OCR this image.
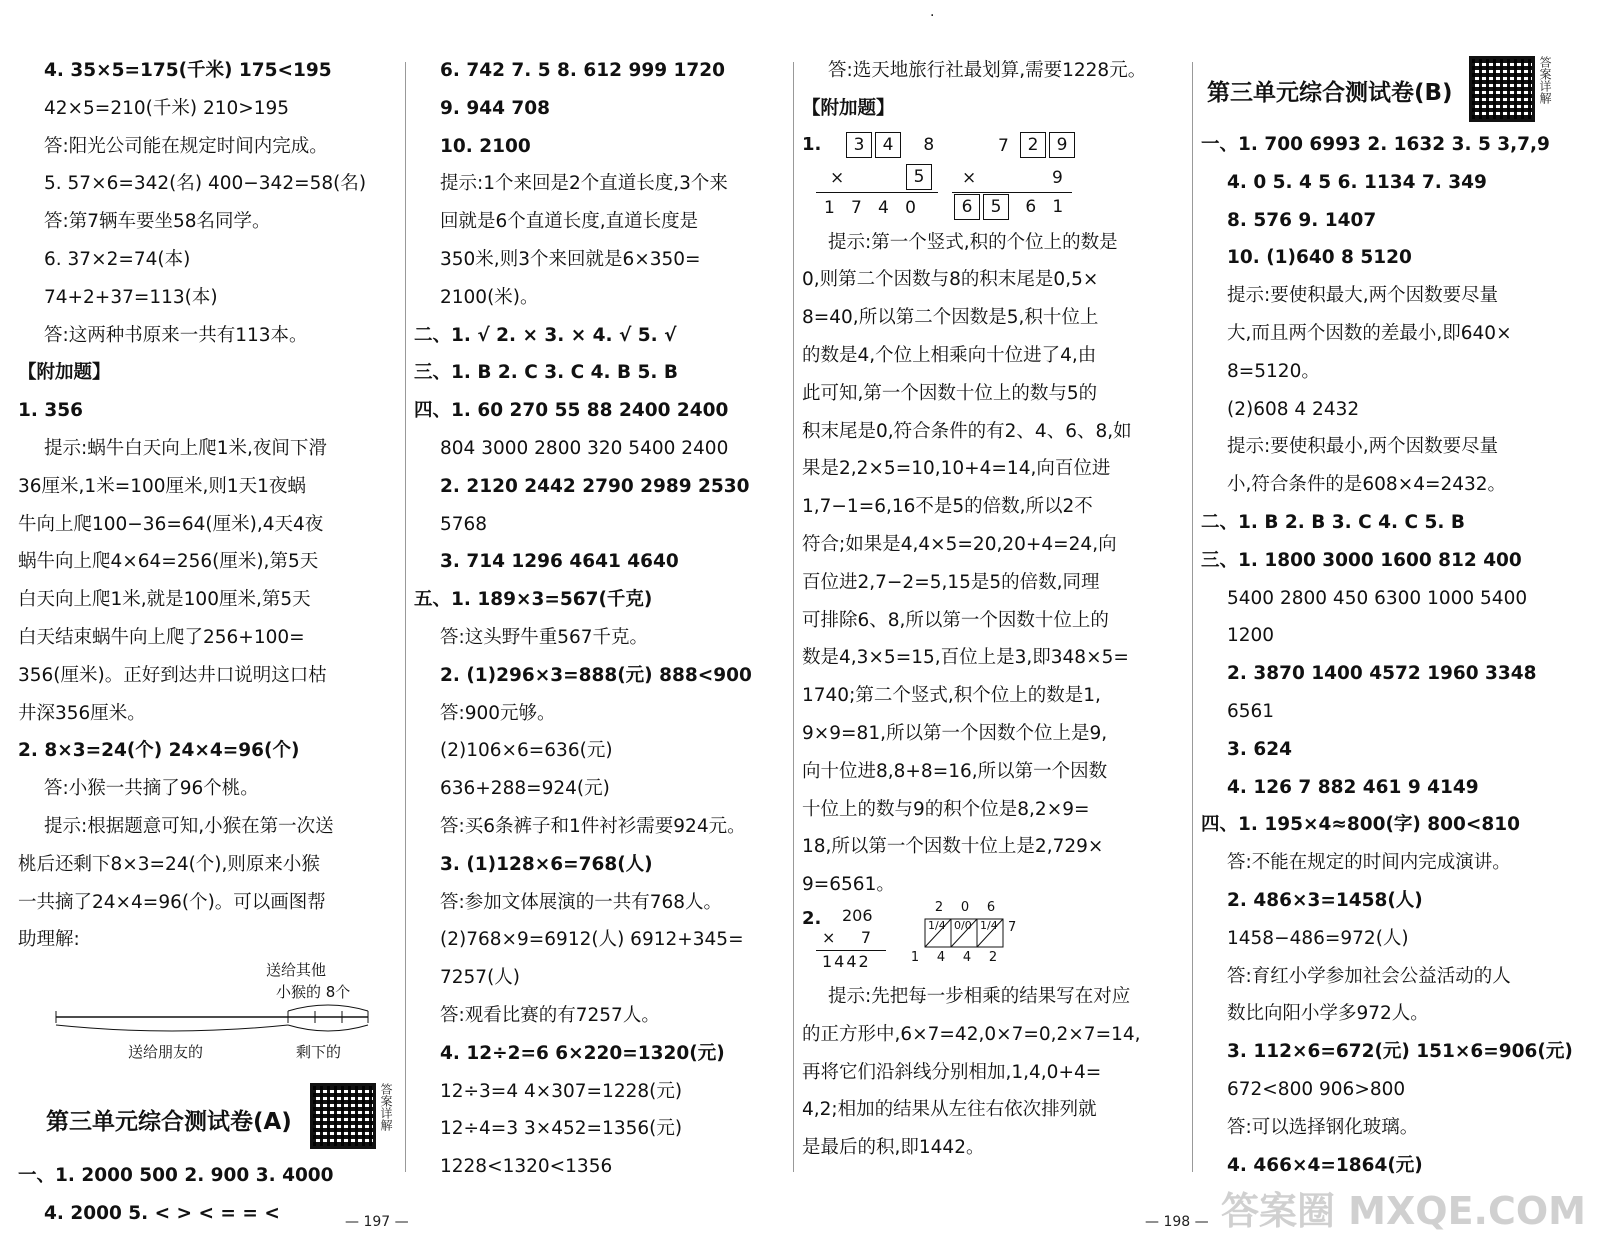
·
4. 35×5=175(千米) 175<195
42×5=210(千米) 210>195
答:阳光公司能在规定时间内完成。
5. 57×6=342(名) 400−342=58(名)
答:第7辆车要坐58名同学。
6. 37×2=74(本)
74+2+37=113(本)
答:这两种书原来一共有113本。
【附加题】
1. 356
提示:蜗牛白天向上爬1米,夜间下滑
36厘米,1米=100厘米,则1天1夜蜗
牛向上爬100−36=64(厘米),4天4夜
蜗牛向上爬4×64=256(厘米),第5天
白天向上爬1米,就是100厘米,第5天
白天结束蜗牛向上爬了256+100=
356(厘米)。正好到达井口说明这口枯
井深356厘米。
2. 8×3=24(个) 24×4=96(个)
答:小猴一共摘了96个桃。
提示:根据题意可知,小猴在第一次送
桃后还剩下8×3=24(个),则原来小猴
一共摘了24×4=96(个)。可以画图帮
助理解:
送给其他
小猴的 8个
送给朋友的	剩下的
第三单元综合测试卷(A)	答案详解
一、1. 2000 500 2. 900 3. 4000
4. 2000 5. < > < = = <
6. 742 7. 5 8. 612 999 1720
9. 944 708
10. 2100
提示:1个来回是2个直道长度,3个来
回就是6个直道长度,直道长度是
350米,则3个来回就是6×350=
2100(米)。
二、1. √ 2. × 3. × 4. √ 5. √
三、1. B 2. C 3. C 4. B 5. B
四、1. 60 270 55 88 2400 2400
804 3000 2800 320 5400 2400
2. 2120 2442 2790 2989 2530
5768
3. 714 1296 4641 4640
五、1. 189×3=567(千克)
答:这头野牛重567千克。
2. (1)296×3=888(元) 888<900
答:900元够。
(2)106×6=636(元)
636+288=924(元)
答:买6条裤子和1件衬衫需要924元。
3. (1)128×6=768(人)
答:参加文体展演的一共有768人。
(2)768×9=6912(人) 6912+345=
7257(人)
答:观看比赛的有7257人。
4. 12÷2=6 6×220=1320(元)
12÷3=4 4×307=1228(元)
12÷4=3 3×452=1356(元)
1228<1320<1356
答:选天地旅行社最划算,需要1228元。
【附加题】
1.	3 4 8
×	5
1   7   4   0
7	2 9
×	9
6 5 6   1
提示:第一个竖式,积的个位上的数是
0,则第二个因数与8的积末尾是0,5×
8=40,所以第二个因数是5,积十位上
的数是4,个位上相乘向十位进了4,由
此可知,第一个因数十位上的数与5的
积末尾是0,符合条件的有2、4、6、8,如
果是2,2×5=10,10+4=14,向百位进
1,7−1=6,16不是5的倍数,所以2不
符合;如果是4,4×5=20,20+4=24,向
百位进2,7−2=5,15是5的倍数,同理
可排除6、8,所以第一个因数十位上的
数是4,3×5=15,百位上是3,即348×5=
1740;第二个竖式,积个位上的数是1,
9×9=81,所以第一个因数个位上是9,
向十位进8,8+8=16,所以第一个因数
十位上的数与9的积个位是8,2×9=
18,所以第一个因数十位上是2,729×
9=6561。
2. 206
×     7
1442
2 0 6
1/4 0/0 1/4 7
1 4 4 2
提示:先把每一步相乘的结果写在对应
的正方形中,6×7=42,0×7=0,2×7=14,
再将它们沿斜线分别相加,1,4,0+4=
4,2;相加的结果从左往右依次排列就
是最后的积,即1442。
第三单元综合测试卷(B)	答案详解
一、1. 700 6993 2. 1632 3. 5 3,7,9
4. 0 5. 4 5 6. 1134 7. 349
8. 576 9. 1407
10. (1)640 8 5120
提示:要使积最大,两个因数要尽量
大,而且两个因数的差最小,即640×
8=5120。
(2)608 4 2432
提示:要使积最小,两个因数要尽量
小,符合条件的是608×4=2432。
二、1. B 2. B 3. C 4. C 5. B
三、1. 1800 3000 1600 812 400
5400 2800 450 6300 1000 5400
1200
2. 3870 1400 4572 1960 3348
6561
3. 624
4. 126 7 882 461 9 4149
四、1. 195×4≈800(字) 800<810
答:不能在规定的时间内完成演讲。
2. 486×3=1458(人)
1458−486=972(人)
答:育红小学参加社会公益活动的人
数比向阳小学多972人。
3. 112×6=672(元) 151×6=906(元)
672<800 906>800
答:可以选择钢化玻璃。
4. 466×4=1864(元)
— 197 —	— 198 — 答案圈 MXQE.COM
